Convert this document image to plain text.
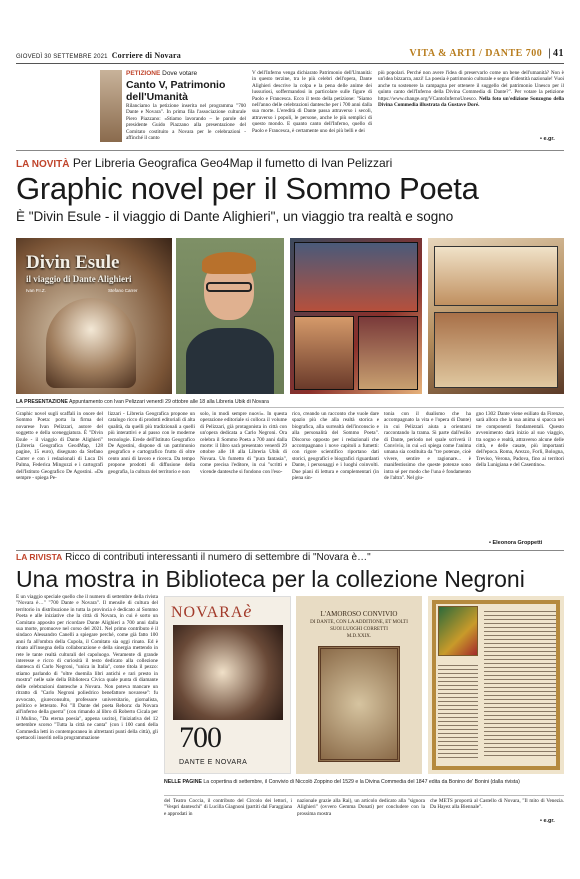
GIOVEDÌ 30 SETTEMBRE 2021 Corriere di Novara	VITA & ARTI / DANTE 700 | 41
PETIZIONE Dove votare
Canto V, Patrimonio dell'Umanità
Rilanciamo la petizione inserita nel programma "700 Dante e Novara". In prima fila l'associazione culturale Piero Piazzano: «Stiamo lavorando – le parole del presidente Guido Piazzano alla presentazione del Comitato costituito a Novara per le celebrazioni - affinché il canto
V dell'Inferno venga dichiarato Patrimonio dell'Umanità: in questo terzine, tra le più celebri dell'opera, Dante Alighieri descrive la colpa e la pena delle anime dei lussuriosi, soffermandosi in particolare sulle figure di Paolo e Francesca. Ecco il testo della petizione: "Siamo nell'anno delle celebrazioni dantesche per i 700 anni dalla sua morte. L'eredità di Dante passa attraverso i secoli, attraverso i popoli, le persone, anche le più semplici di questo mondo. E quanto canto dell'Inferno, quello di Paolo e Francesca, è certamente uno dei più belli e dei
più popolari. Perché non avere l'idea di preservarlo come un bene dell'umanità? Non è un'idea bizzarra, anzi! La poesia è patrimonio culturale e segno d'identità nazionale! Vuoi anche tu sostenere la campagna per ottenere il suggello del patrimonio Unesco per il quinto canto dell'Inferno della Divina Commedia di Dante?". Per votare la petizione https://www.change.org/VCantoInfernoUnesco. Nella foto un'edizione Sonzogno della Divina Commedia illustrata da Gustave Doré.
• e.gr.
LA NOVITÀ Per Libreria Geografica Geo4Map il fumetto di Ivan Pelizzari
Graphic novel per il Sommo Poeta
È "Divin Esule - il viaggio di Dante Alighieri", un viaggio tra realtà e sogno
Divin Esule
il viaggio di Dante Alighieri
Ivan P.I.Z.	Stefano Carrer
LA PRESENTAZIONE Appuntamento con Ivan Pelizzari venerdì 29 ottobre alle 18 alla Libreria Ubik di Novara
Graphic novel sugli scaffali in onore del Sommo Poeta: porta la firma del novarese Ivan Pelizzari, autore del soggetto e della sceneggiatura. È "Divin Esule - il viaggio di Dante Alighieri" (Libreria Geografica Geo4Map, 128 pagine, 15 euro), disegnato da Stefano Carrer e con i redazionali di Luca Di Palma, Federica Mingozzi e i cartografi dell'Istituto Geografico De Agostini. «Da sempre - spiega Pe-
lizzari - Libreria Geografica propone un catalogo ricco di prodotti editoriali di alta qualità, da quelli più tradizionali a quelli più interattivi e al passo con le moderne tecnologie. Erede dell'Istituto Geografico De Agostini, dispone di un patrimonio geografico e cartografico frutto di oltre cento anni di lavoro e ricerca. Da tempo propone prodotti di diffusione della geografia, la cultura del territorio e non
solo, in modi sempre nuovi». In questa operazione editoriale si colloca il volume di Pelizzari, già protagonista in città con un'opera dedicata a Carlo Negroni. Ora celebra il Sommo Poeta a 700 anni dalla morte: il libro sarà presentato venerdì 29 ottobre alle 18 alla Libreria Ubik di Novara. Un fumetto di "pura fantasia", come precisa l'editore, in cui "scritti e vicende dantesche si fondono con l'eso-
rico, creando un racconto che vuole dare spazio più che alla realtà storica e biografica, alla surrealtà dell'inconscio e alla personalità del Sommo Poeta". Discorso opposto per i redazionali che accompagnano i nove capitoli a fumetti: con rigore scientifico riportano dati storici, geografici e biografici riguardanti Dante, i personaggi e i luoghi coinvolti. Due piani di lettura e complementari (in piena sin-
tonia con il dualismo che ha accompagnato la vita e l'opera di Dante) in cui Pelizzari aiuta a orientarsi raccontando la trama. Si parte dall'esilio di Dante, periodo nel quale scriverà il Convivio, in cui «ci spiega come l'anima umana sia costituita da "tre potenze, cioè vivere, sentire e ragionare... è manifestissimo che queste potenze sono intra sé per modo che l'una è fondamento de l'altra". Nel giu-
gno 1302 Dante viene esiliato da Firenze, sarà allora che la sua anima si spacca nei tre componenti fondamentali. Questo avvenimento darà inizio al suo viaggio, tra sogno e realtà, attraverso alcune delle città, e delle casate, più importanti dell'epoca. Roma, Arezzo, Forlì, Bologna, Treviso, Verona, Padova, fino ai territori della Lunigiana e del Casentino».
• Eleonora Groppetti
LA RIVISTA Ricco di contributi interessanti il numero di settembre di "Novara è…"
Una mostra in Biblioteca per la collezione Negroni
È un viaggio speciale quello che il numero di settembre della rivista "Novara è…" "700 Dante e Novara". Il mensile di cultura del territorio in distribuzione in tutta la provincia è dedicato al Sommo Poeta e alle iniziative che la città di Novara, in cui è sorto un Comitato apposito per ricordare Dante Alighieri a 700 anni dalla sua morte, promuove nel corso del 2021. Nel primo contributo è il sindaco Alessandro Canelli a spiegare perché, come già fatto 100 anni fa all'ombra della Cupola, il Comitato sia oggi rinato. Ed è rinato all'insegna della collaborazione e della sinergia mettendo in rete le tante realtà culturali del capoluogo. Veramente di grande interesse e ricco di curiosità il testo dedicato alla collezione dantesca di Carlo Negroni, "unica in Italia", come titola il pezzo: stiamo parlando di "oltre duemila libri antichi e rari presto in mostra" nelle sale della Biblioteca Civica quale punta di diamante delle celebrazioni dantesche a Novara. Non poteva mancare un ritratto di "Carlo Negroni poliedrico benefattore novarese": fu avvocato, giureconsulto, professore universitario, giornalista, politico e letterato. Poi "Il Dante del poeta Rebora: da Novara all'inferno della guerra" (con rimando al libro di Roberto Cicala per il Mulino, "Da eterna poesia", appena uscito), l'iniziativa del 12 settembre scorso "Tutta la città ne canta" (con i 100 canti della Commedia letti in contemporanea in altrettanti punti della città), gli spettacoli inseriti nella programmazione
NOVARAè
700
DANTE E NOVARA
L'AMOROSO CONVIVIO
DI DANTE, CON LA ADDITIONE, ET MOLTI
SUOI LUOGHI CORRETTI
M.D.XXIX.
NELLE PAGINE La copertina di settembre, il Convivio di Niccolò Zoppino del 1529 e la Divina Commedia del 1847 edita da Bonino de' Bonini (dalla rivista)
del Teatro Coccia, il contributo del Circolo dei lettori, i "Vespri danteschi" di Lucilla Giagnoni (partiti dal Faraggiana e approdati in
nazionale grazie alla Rai), un articolo dedicato alla "signora Alighieri" (ovvero Gemma Donati) per concludere con la prossima mostra
che METS proporrà al Castello di Novara, "Il mito di Venezia. Da Hayez alla Biennale".
• e.gr.
